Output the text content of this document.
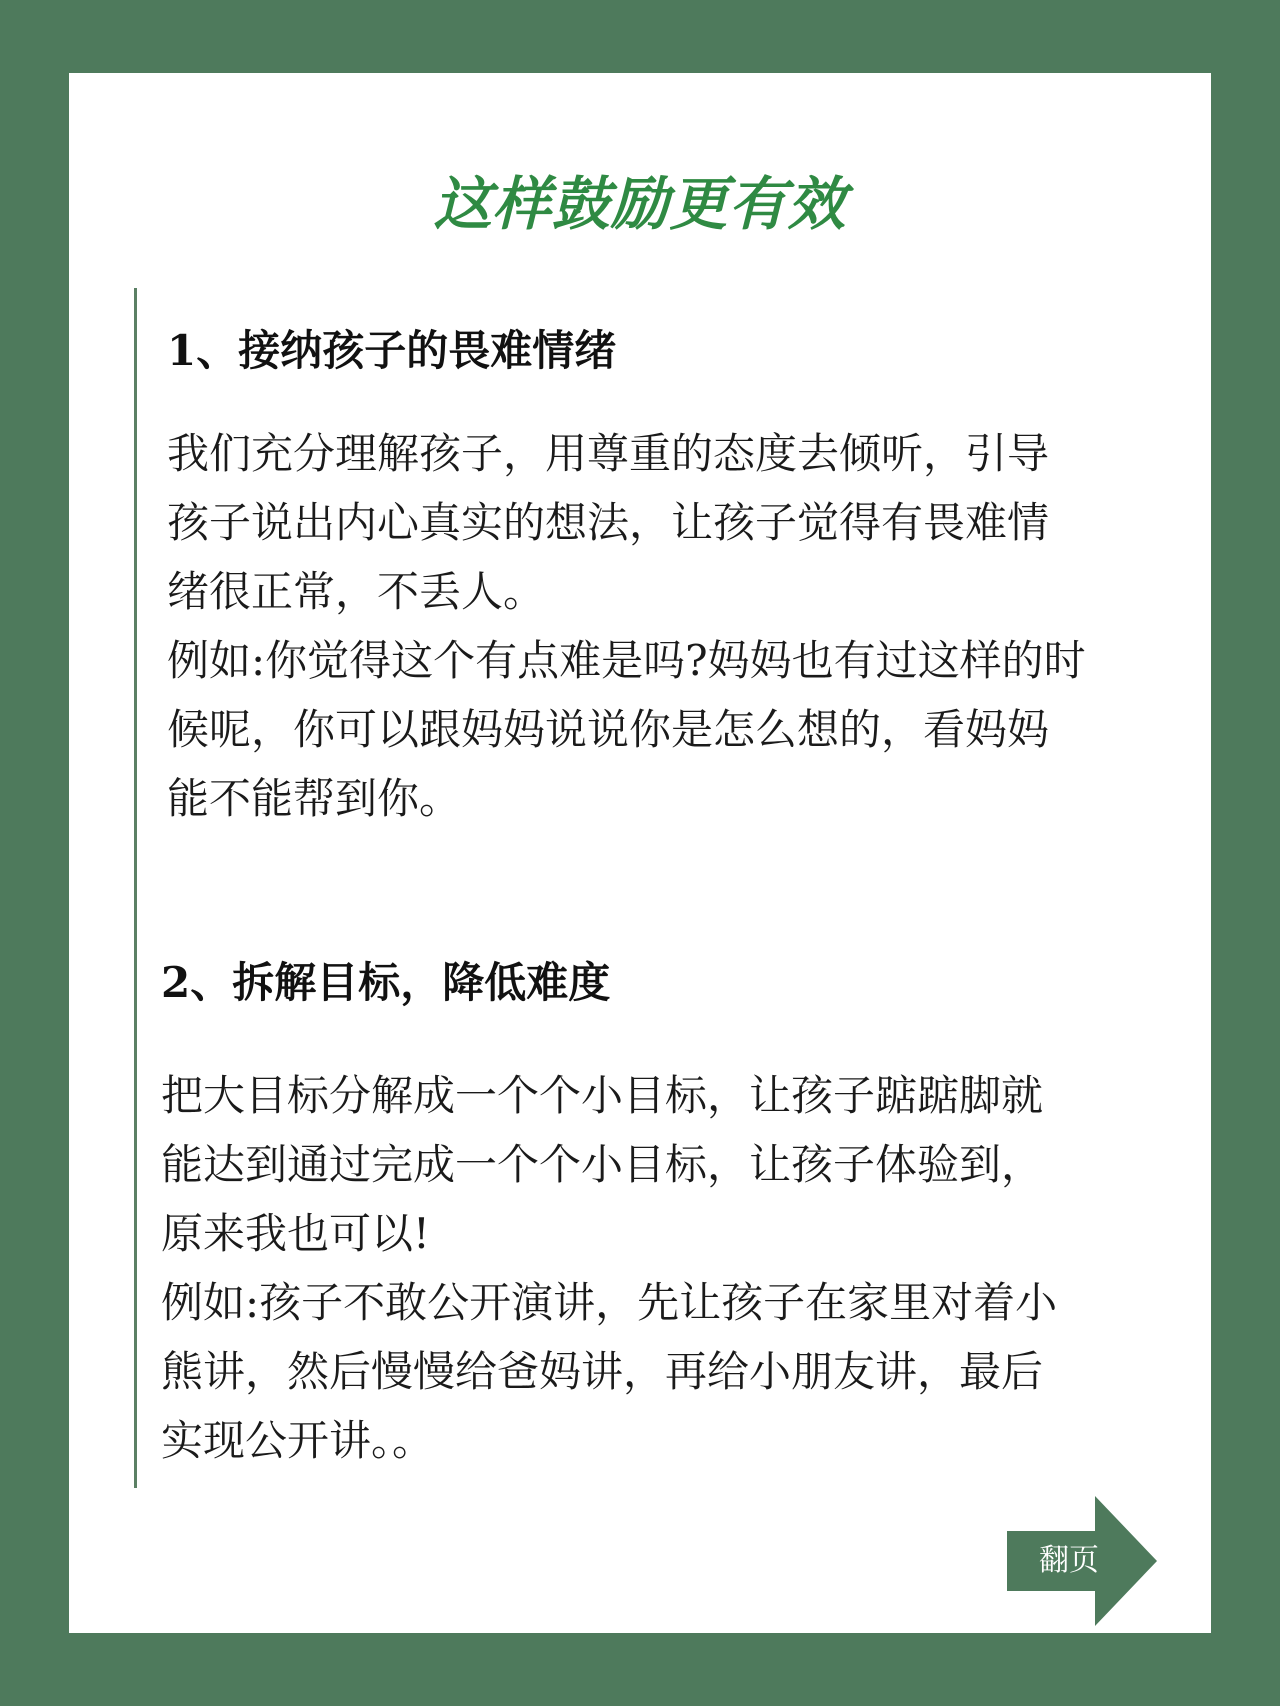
这样鼓励更有效
1、接纳孩子的畏难情绪
我们充分理解孩子，用尊重的态度去倾听，引导
孩子说出内心真实的想法，让孩子觉得有畏难情
绪很正常，不丢人。
例如:你觉得这个有点难是吗?妈妈也有过这样的时
候呢，你可以跟妈妈说说你是怎么想的，看妈妈
能不能帮到你。
2、拆解目标，降低难度
把大目标分解成一个个小目标，让孩子踮踮脚就
能达到通过完成一个个小目标，让孩子体验到，
原来我也可以!
例如:孩子不敢公开演讲，先让孩子在家里对着小
熊讲，然后慢慢给爸妈讲，再给小朋友讲，最后
实现公开讲。。
翻页
